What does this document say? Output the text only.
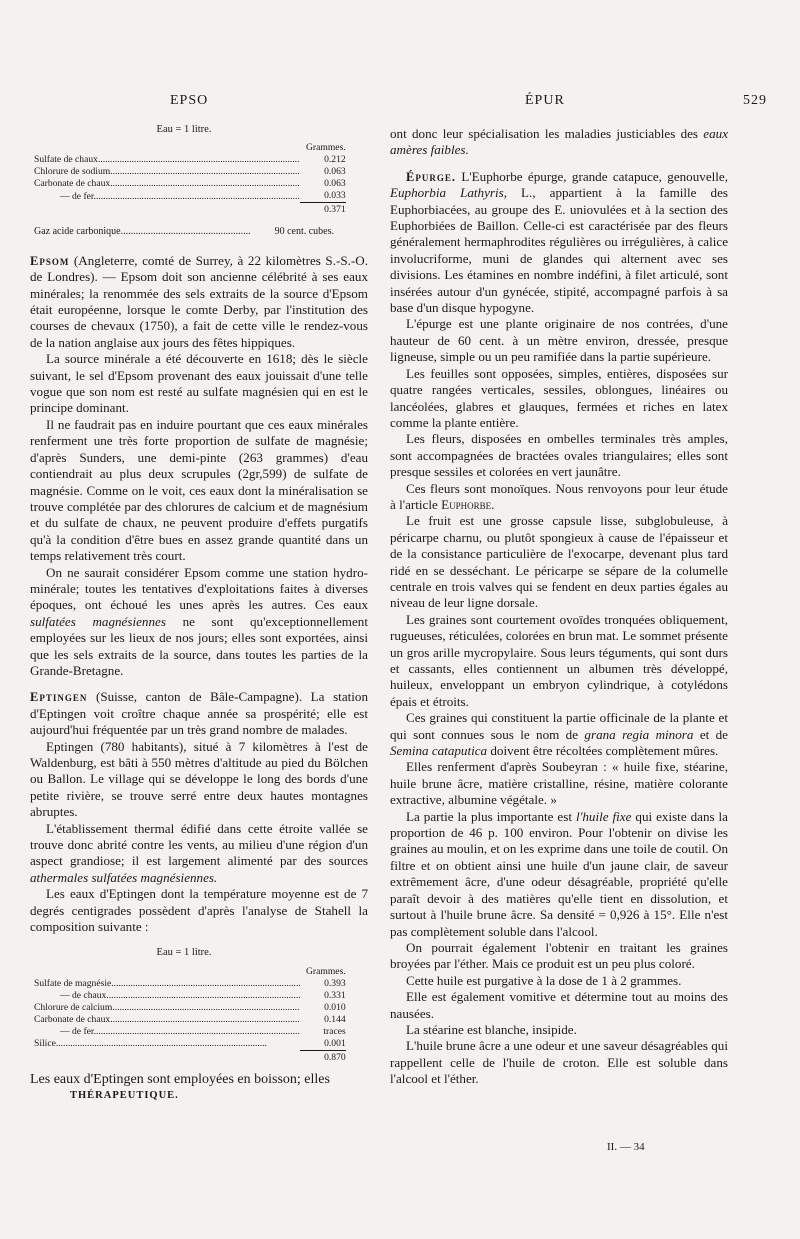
EPSO	ÉPUR	529
Eau = 1 litre.
	Grammes.
Sulfate de chaux .....	0.212
Chlorure de sodium .....	0.063
Carbonate de chaux .....	0.063
— de fer .....	0.033
	0.371
Gaz acide carbonique .....	90 cent. cubes.

Epsom (Angleterre, comté de Surrey, à 22 kilomètres S.-S.-O. de Londres). — Epsom doit son ancienne célébrité à ses eaux minérales; la renommée des sels extraits de la source d'Epsom était européenne, lorsque le comte Derby, par l'institution des courses de chevaux (1750), a fait de cette ville le rendez-vous de la nation anglaise aux jours des fêtes hippiques.

La source minérale a été découverte en 1618; dès le siècle suivant, le sel d'Epsom provenant des eaux jouissait d'une telle vogue que son nom est resté au sulfate magnésien qui en est le principe dominant.

Il ne faudrait pas en induire pourtant que ces eaux minérales renferment une très forte proportion de sulfate de magnésie; d'après Sunders, une demi-pinte (263 grammes) d'eau contiendrait au plus deux scrupules (2gr,599) de sulfate de magnésie. Comme on le voit, ces eaux dont la minéralisation se trouve complétée par des chlorures de calcium et de magnésium et du sulfate de chaux, ne peuvent produire d'effets purgatifs qu'à la condition d'être bues en assez grande quantité dans un temps relativement très court.

On ne saurait considérer Epsom comme une station hydro-minérale; toutes les tentatives d'exploitations faites à diverses époques, ont échoué les unes après les autres. Ces eaux sulfatées magnésiennes ne sont qu'exceptionnellement employées sur les lieux de nos jours; elles sont exportées, ainsi que les sels extraits de la source, dans toutes les parties de la Grande-Bretagne.

Eptingen (Suisse, canton de Bâle-Campagne). La station d'Eptingen voit croître chaque année sa prospérité; elle est aujourd'hui fréquentée par un très grand nombre de malades.

Eptingen (780 habitants), situé à 7 kilomètres à l'est de Waldenburg, est bâti à 550 mètres d'altitude au pied du Bölchen ou Ballon. Le village qui se développe le long des bords d'une petite rivière, se trouve serré entre deux hautes montagnes abruptes.

L'établissement thermal édifié dans cette étroite vallée se trouve donc abrité contre les vents, au milieu d'une région d'un aspect grandiose; il est largement alimenté par des sources athermales sulfatées magnésiennes.

Les eaux d'Eptingen dont la température moyenne est de 7 degrés centigrades possèdent d'après l'analyse de Stahell la composition suivante :

Eau = 1 litre.
	Grammes.
Sulfate de magnésie .....	0.393
— de chaux .....	0.331
Chlorure de calcium .....	0.010
Carbonate de chaux .....	0.144
— de fer .....	traces
Silice .....	0.001
	0.870

Les eaux d'Eptingen sont employées en boisson; elles

THÉRAPEUTIQUE.

ont donc leur spécialisation les maladies justiciables des eaux amères faibles.

Épurge. L'Euphorbe épurge, grande catapuce, genouvelle, Euphorbia Lathyris, L., appartient à la famille des Euphorbiacées, au groupe des E. uniovulées et à la section des Euphorbiées de Baillon. Celle-ci est caractérisée par des fleurs généralement hermaphrodites régulières ou irrégulières, à calice involucriforme, muni de glandes qui alternent avec ses divisions. Les étamines en nombre indéfini, à filet articulé, sont insérées autour d'un gynécée, stipité, accompagné parfois à sa base d'un disque hypogyne.

L'épurge est une plante originaire de nos contrées, d'une hauteur de 60 cent. à un mètre environ, dressée, presque ligneuse, simple ou un peu ramifiée dans la partie supérieure.

Les feuilles sont opposées, simples, entières, disposées sur quatre rangées verticales, sessiles, oblongues, linéaires ou lancéolées, glabres et glauques, fermées et riches en latex comme la plante entière.

Les fleurs, disposées en ombelles terminales très amples, sont accompagnées de bractées ovales triangulaires; elles sont presque sessiles et colorées en vert jaunâtre.

Ces fleurs sont monoïques. Nous renvoyons pour leur étude à l'article Euphorbe.

Le fruit est une grosse capsule lisse, subglobuleuse, à péricarpe charnu, ou plutôt spongieux à cause de l'épaisseur et de la consistance particulière de l'exocarpe, devenant plus tard ridé en se desséchant. Le péricarpe se sépare de la columelle centrale en trois valves qui se fendent en deux parties égales au niveau de leur ligne dorsale.

Les graines sont courtement ovoïdes tronquées obliquement, rugueuses, réticulées, colorées en brun mat. Le sommet présente un gros arille mycropylaire. Sous leurs téguments, qui sont durs et cassants, elles contiennent un albumen très développé, huileux, enveloppant un embryon cylindrique, à cotylédons épais et étroits.

Ces graines qui constituent la partie officinale de la plante et qui sont connues sous le nom de grana regia minora et de Semina cataputica doivent être récoltées complètement mûres.

Elles renferment d'après Soubeyran : « huile fixe, stéarine, huile brune âcre, matière cristalline, résine, matière colorante extractive, albumine végétale. »

La partie la plus importante est l'huile fixe qui existe dans la proportion de 46 p. 100 environ. Pour l'obtenir on divise les graines au moulin, et on les exprime dans une toile de coutil. On filtre et on obtient ainsi une huile d'un jaune clair, de saveur extrêmement âcre, d'une odeur désagréable, propriété qu'elle paraît devoir à des matières qu'elle tient en dissolution, et surtout à l'huile brune âcre. Sa densité = 0,926 à 15°. Elle n'est pas complètement soluble dans l'alcool.

On pourrait également l'obtenir en traitant les graines broyées par l'éther. Mais ce produit est un peu plus coloré.

Cette huile est purgative à la dose de 1 à 2 grammes.

Elle est également vomitive et détermine tout au moins des nausées.

La stéarine est blanche, insipide.

L'huile brune âcre a une odeur et une saveur désagréables qui rappellent celle de l'huile de croton. Elle est soluble dans l'alcool et l'éther.

II. — 34
